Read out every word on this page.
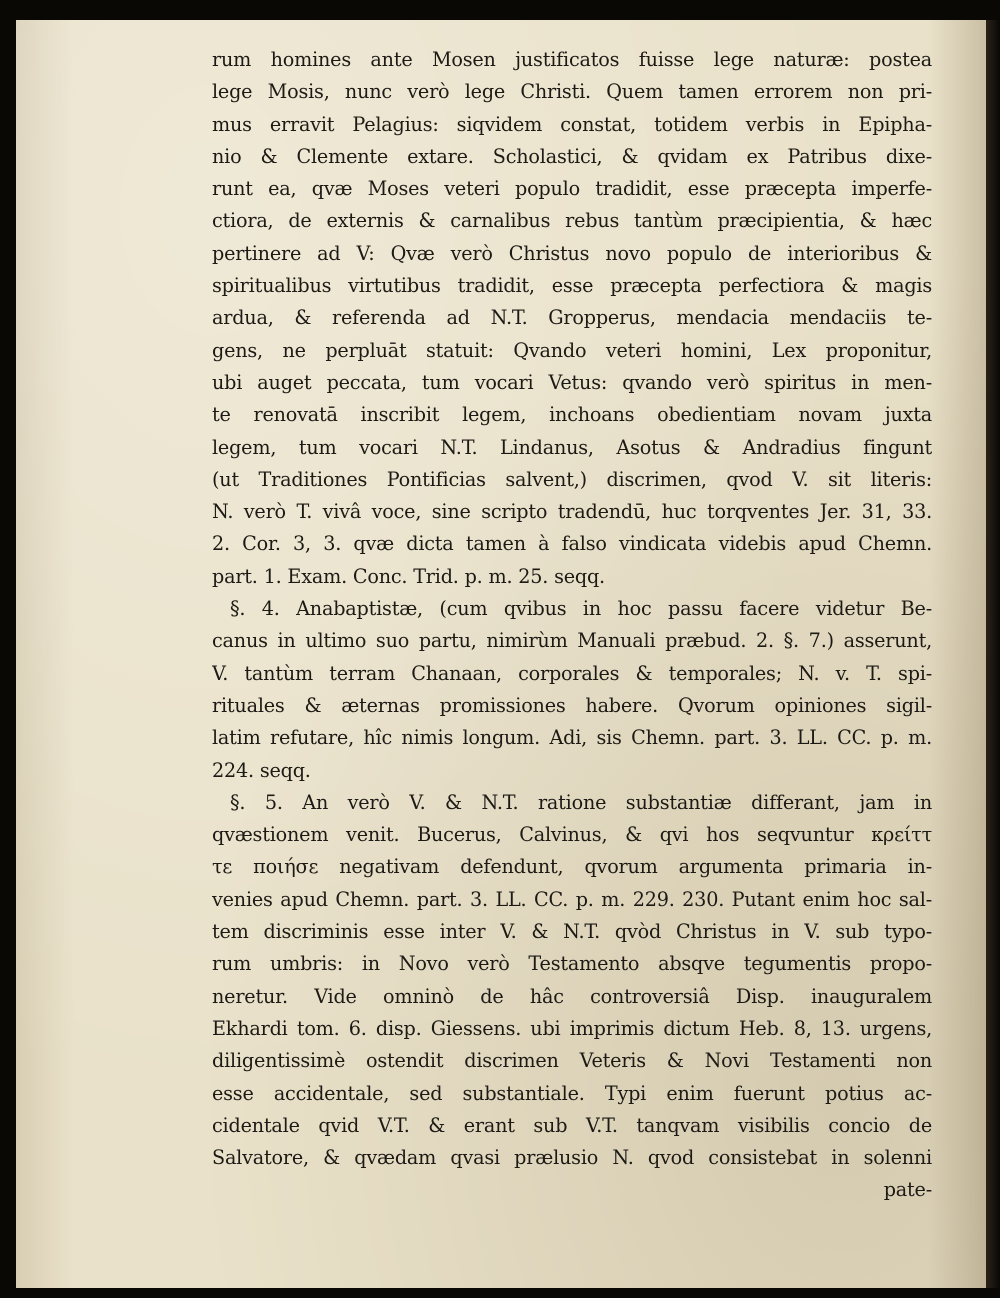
rum homines ante Mosen justificatos fuisse lege naturæ: postea
lege Mosis, nunc verò lege Christi. Quem tamen errorem non pri-
mus erravit Pelagius: siqvidem constat, totidem verbis in Epipha-
nio & Clemente extare. Scholastici, & qvidam ex Patribus dixe-
runt ea, qvæ Moses veteri populo tradidit, esse præcepta imperfe-
ctiora, de externis & carnalibus rebus tantùm præcipientia, & hæc
pertinere ad V: Qvæ verò Christus novo populo de interioribus &
spiritualibus virtutibus tradidit, esse præcepta perfectiora & magis
ardua, & referenda ad N.T. Gropperus, mendacia mendaciis te-
gens, ne perpluāt statuit: Qvando veteri homini, Lex proponitur,
ubi auget peccata, tum vocari Vetus: qvando verò spiritus in men-
te renovatā inscribit legem, inchoans obedientiam novam juxta
legem, tum vocari N.T. Lindanus, Asotus & Andradius fingunt
(ut Traditiones Pontificias salvent,) discrimen, qvod V. sit literis:
N. verò T. vivâ voce, sine scripto tradendū, huc torqventes Jer. 31, 33.
2. Cor. 3, 3. qvæ dicta tamen à falso vindicata videbis apud Chemn.
part. 1. Exam. Conc. Trid. p. m. 25. seqq.
§. 4. Anabaptistæ, (cum qvibus in hoc passu facere videtur Be-
canus in ultimo suo partu, nimirùm Manuali præbud. 2. §. 7.) asserunt,
V. tantùm terram Chanaan, corporales & temporales; N. v. T. spi-
rituales & æternas promissiones habere. Qvorum opiniones sigil-
latim refutare, hîc nimis longum. Adi, sis Chemn. part. 3. LL. CC. p. m.
224. seqq.
§. 5. An verò V. & N.T. ratione substantiæ differant, jam in
qvæstionem venit. Bucerus, Calvinus, & qvi hos seqvuntur κρείττ
τε ποιήσε negativam defendunt, qvorum argumenta primaria in-
venies apud Chemn. part. 3. LL. CC. p. m. 229. 230. Putant enim hoc sal-
tem discriminis esse inter V. & N.T. qvòd Christus in V. sub typo-
rum umbris: in Novo verò Testamento absqve tegumentis propo-
neretur. Vide omninò de hâc controversiâ Disp. inauguralem
Ekhardi tom. 6. disp. Giessens. ubi imprimis dictum Heb. 8, 13. urgens,
diligentissimè ostendit discrimen Veteris & Novi Testamenti non
esse accidentale, sed substantiale. Typi enim fuerunt potius ac-
cidentale qvid V.T. & erant sub V.T. tanqvam visibilis concio de
Salvatore, & qvædam qvasi prælusio N. qvod consistebat in solenni
pate-
